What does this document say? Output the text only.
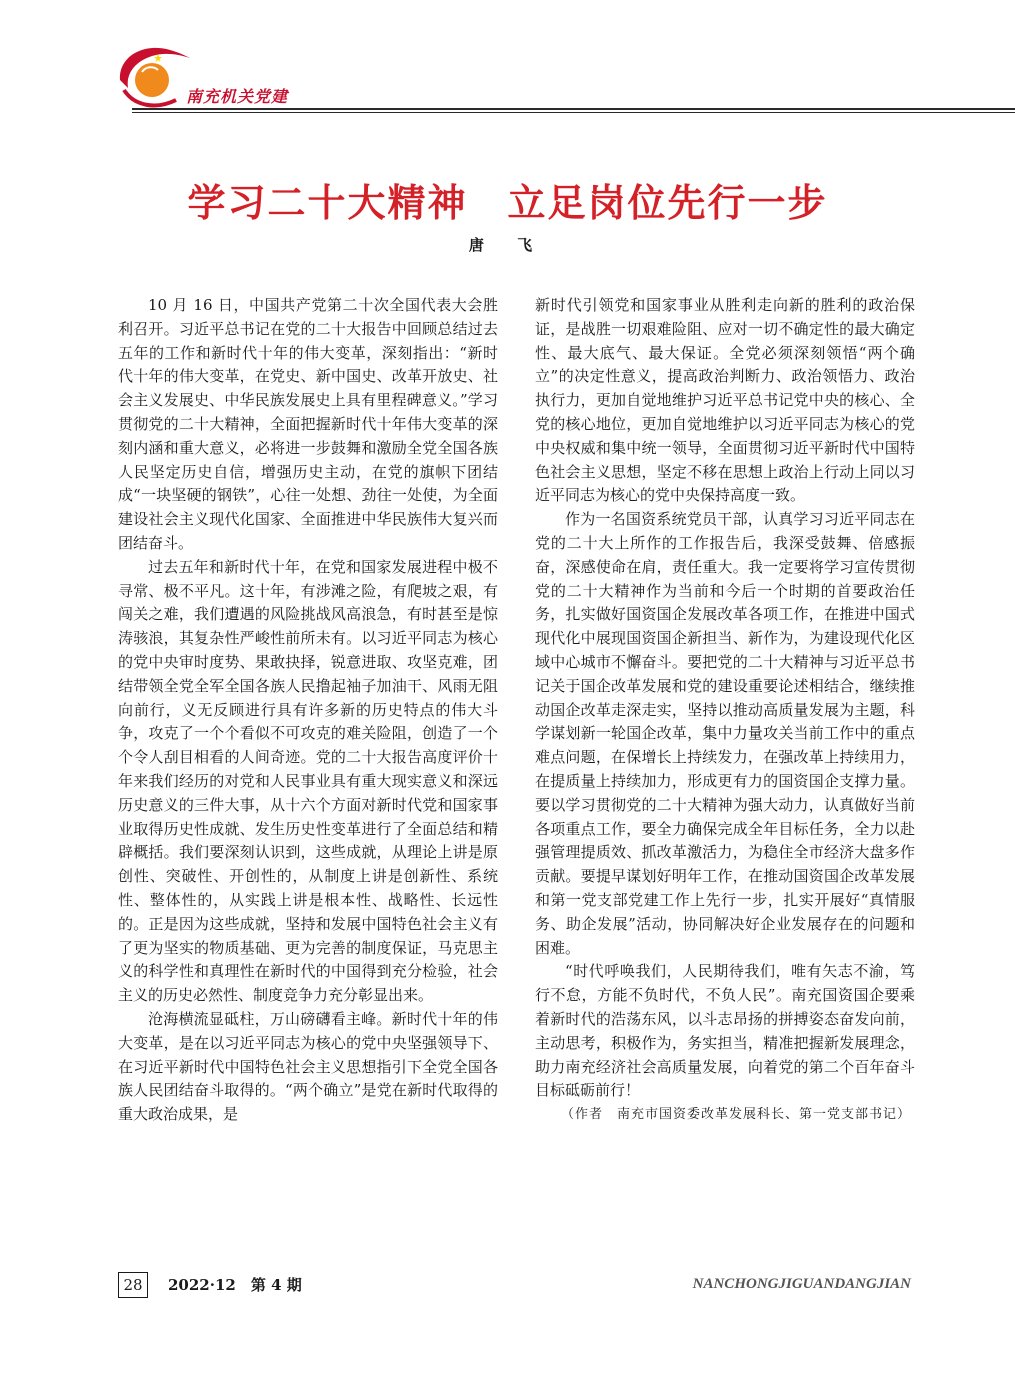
南充机关党建
学习二十大精神　立足岗位先行一步
唐 飞

10 月 16 日，中国共产党第二十次全国代表大会胜利召开。习近平总书记在党的二十大报告中回顾总结过去五年的工作和新时代十年的伟大变革，深刻指出：“新时代十年的伟大变革，在党史、新中国史、改革开放史、社会主义发展史、中华民族发展史上具有里程碑意义。”学习贯彻党的二十大精神，全面把握新时代十年伟大变革的深刻内涵和重大意义，必将进一步鼓舞和激励全党全国各族人民坚定历史自信，增强历史主动，在党的旗帜下团结成“一块坚硬的钢铁”，心往一处想、劲往一处使，为全面建设社会主义现代化国家、全面推进中华民族伟大复兴而团结奋斗。

过去五年和新时代十年，在党和国家发展进程中极不寻常、极不平凡。这十年，有涉滩之险，有爬坡之艰，有闯关之难，我们遭遇的风险挑战风高浪急，有时甚至是惊涛骇浪，其复杂性严峻性前所未有。以习近平同志为核心的党中央审时度势、果敢抉择，锐意进取、攻坚克难，团结带领全党全军全国各族人民撸起袖子加油干、风雨无阻向前行，义无反顾进行具有许多新的历史特点的伟大斗争，攻克了一个个看似不可攻克的难关险阻，创造了一个个令人刮目相看的人间奇迹。党的二十大报告高度评价十年来我们经历的对党和人民事业具有重大现实意义和深远历史意义的三件大事，从十六个方面对新时代党和国家事业取得历史性成就、发生历史性变革进行了全面总结和精辟概括。我们要深刻认识到，这些成就，从理论上讲是原创性、突破性、开创性的，从制度上讲是创新性、系统性、整体性的，从实践上讲是根本性、战略性、长远性的。正是因为这些成就，坚持和发展中国特色社会主义有了更为坚实的物质基础、更为完善的制度保证，马克思主义的科学性和真理性在新时代的中国得到充分检验，社会主义的历史必然性、制度竞争力充分彰显出来。

沧海横流显砥柱，万山磅礴看主峰。新时代十年的伟大变革，是在以习近平同志为核心的党中央坚强领导下、在习近平新时代中国特色社会主义思想指引下全党全国各族人民团结奋斗取得的。“两个确立”是党在新时代取得的重大政治成果，是

新时代引领党和国家事业从胜利走向新的胜利的政治保证，是战胜一切艰难险阻、应对一切不确定性的最大确定性、最大底气、最大保证。全党必须深刻领悟“两个确立”的决定性意义，提高政治判断力、政治领悟力、政治执行力，更加自觉地维护习近平总书记党中央的核心、全党的核心地位，更加自觉地维护以习近平同志为核心的党中央权威和集中统一领导，全面贯彻习近平新时代中国特色社会主义思想，坚定不移在思想上政治上行动上同以习近平同志为核心的党中央保持高度一致。

作为一名国资系统党员干部，认真学习习近平同志在党的二十大上所作的工作报告后，我深受鼓舞、倍感振奋，深感使命在肩，责任重大。我一定要将学习宣传贯彻党的二十大精神作为当前和今后一个时期的首要政治任务，扎实做好国资国企发展改革各项工作，在推进中国式现代化中展现国资国企新担当、新作为，为建设现代化区域中心城市不懈奋斗。要把党的二十大精神与习近平总书记关于国企改革发展和党的建设重要论述相结合，继续推动国企改革走深走实，坚持以推动高质量发展为主题，科学谋划新一轮国企改革，集中力量攻关当前工作中的重点难点问题，在保增长上持续发力，在强改革上持续用力，在提质量上持续加力，形成更有力的国资国企支撑力量。要以学习贯彻党的二十大精神为强大动力，认真做好当前各项重点工作，要全力确保完成全年目标任务，全力以赴强管理提质效、抓改革激活力，为稳住全市经济大盘多作贡献。要提早谋划好明年工作，在推动国资国企改革发展和第一党支部党建工作上先行一步，扎实开展好“真情服务、助企发展”活动，协同解决好企业发展存在的问题和困难。

“时代呼唤我们，人民期待我们，唯有矢志不渝，笃行不怠，方能不负时代，不负人民”。南充国资国企要乘着新时代的浩荡东风，以斗志昂扬的拼搏姿态奋发向前，主动思考，积极作为，务实担当，精准把握新发展理念，助力南充经济社会高质量发展，向着党的第二个百年奋斗目标砥砺前行！

（作者　南充市国资委改革发展科长、第一党支部书记）

28	2022·12　第 4 期	NANCHONGJIGUANDANGJIAN
